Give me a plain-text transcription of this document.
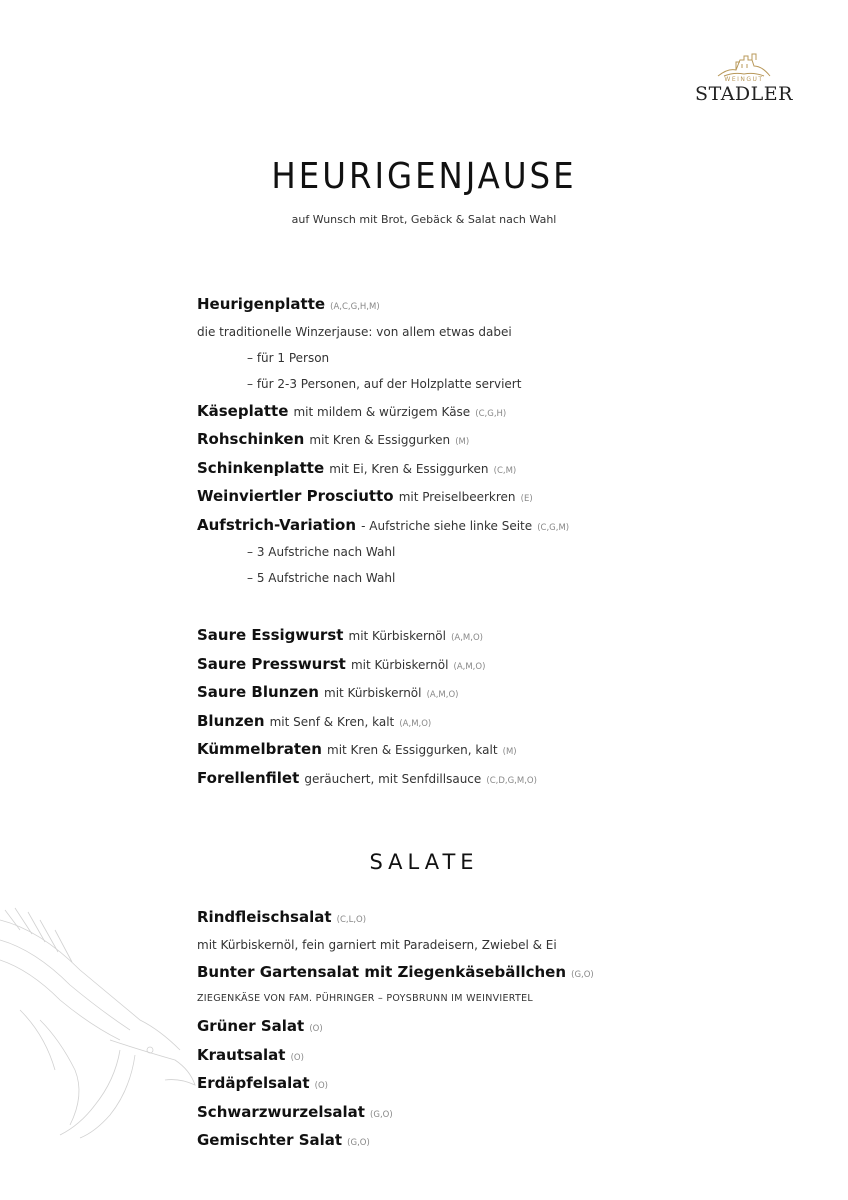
WEINGUT
STADLER
HEURIGENJAUSE
auf Wunsch mit Brot, Gebäck & Salat nach Wahl
Heurigenplatte (A,C,G,H,M)
die traditionelle Winzerjause: von allem etwas dabei
– für 1 Person
– für 2-3 Personen, auf der Holzplatte serviert
Käseplatte mit mildem & würzigem Käse (C,G,H)
Rohschinken mit Kren & Essiggurken (M)
Schinkenplatte mit Ei, Kren & Essiggurken (C,M)
Weinviertler Prosciutto mit Preiselbeerkren (E)
Aufstrich-Variation - Aufstriche siehe linke Seite (C,G,M)
– 3 Aufstriche nach Wahl
– 5 Aufstriche nach Wahl
Saure Essigwurst mit Kürbiskernöl (A,M,O)
Saure Presswurst mit Kürbiskernöl (A,M,O)
Saure Blunzen mit Kürbiskernöl (A,M,O)
Blunzen mit Senf & Kren, kalt (A,M,O)
Kümmelbraten mit Kren & Essiggurken, kalt (M)
Forellenfilet geräuchert, mit Senfdillsauce (C,D,G,M,O)
SALATE
Rindfleischsalat (C,L,O)
mit Kürbiskernöl, fein garniert mit Paradeisern, Zwiebel & Ei
Bunter Gartensalat mit Ziegenkäsebällchen (G,O)
ZIEGENKÄSE VON FAM. PÜHRINGER – POYSBRUNN IM WEINVIERTEL
Grüner Salat (O)
Krautsalat (O)
Erdäpfelsalat (O)
Schwarzwurzelsalat (G,O)
Gemischter Salat (G,O)
